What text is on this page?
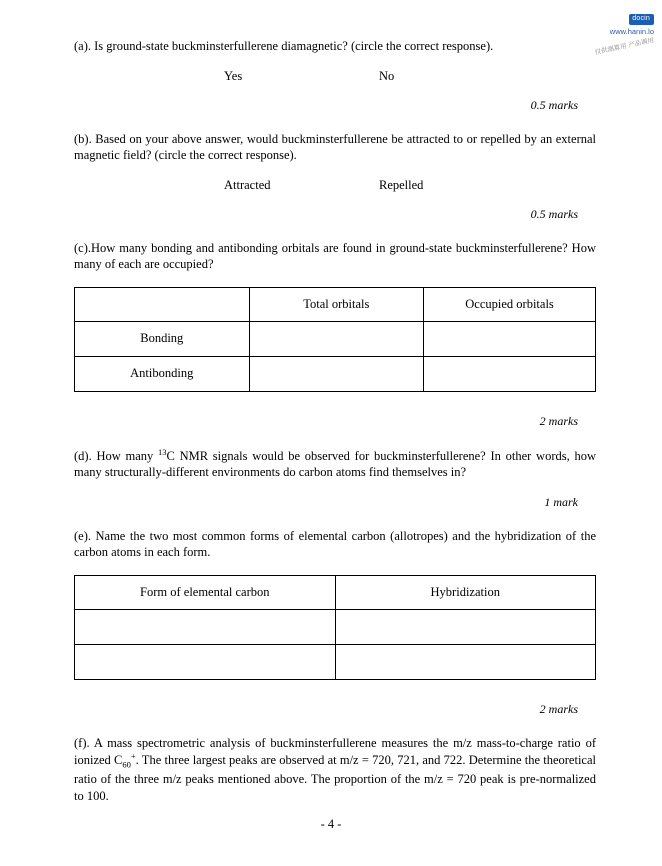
docin
www.hanin.lo
仅供测算用 产品调用

(a). Is ground-state buckminsterfullerene diamagnetic? (circle the correct response).

Yes	No
0.5 marks

(b). Based on your above answer, would buckminsterfullerene be attracted to or repelled by an external magnetic field? (circle the correct response).

Attracted	Repelled
0.5 marks

(c).How many bonding and antibonding orbitals are found in ground-state buckminsterfullerene? How many of each are occupied?

	Total orbitals	Occupied orbitals
Bonding		
Antibonding		
2 marks

(d). How many $^{13}$C NMR signals would be observed for buckminsterfullerene? In other words, how many structurally-different environments do carbon atoms find themselves in?

1 mark

(e). Name the two most common forms of elemental carbon (allotropes) and the hybridization of the carbon atoms in each form.

Form of elemental carbon	Hybridization

2 marks

(f). A mass spectrometric analysis of buckminsterfullerene measures the m/z mass-to-charge ratio of ionized $C_{60}^+$. The three largest peaks are observed at m/z = 720, 721, and 722. Determine the theoretical ratio of the three m/z peaks mentioned above. The proportion of the m/z = 720 peak is pre-normalized to 100.

- 4 -
